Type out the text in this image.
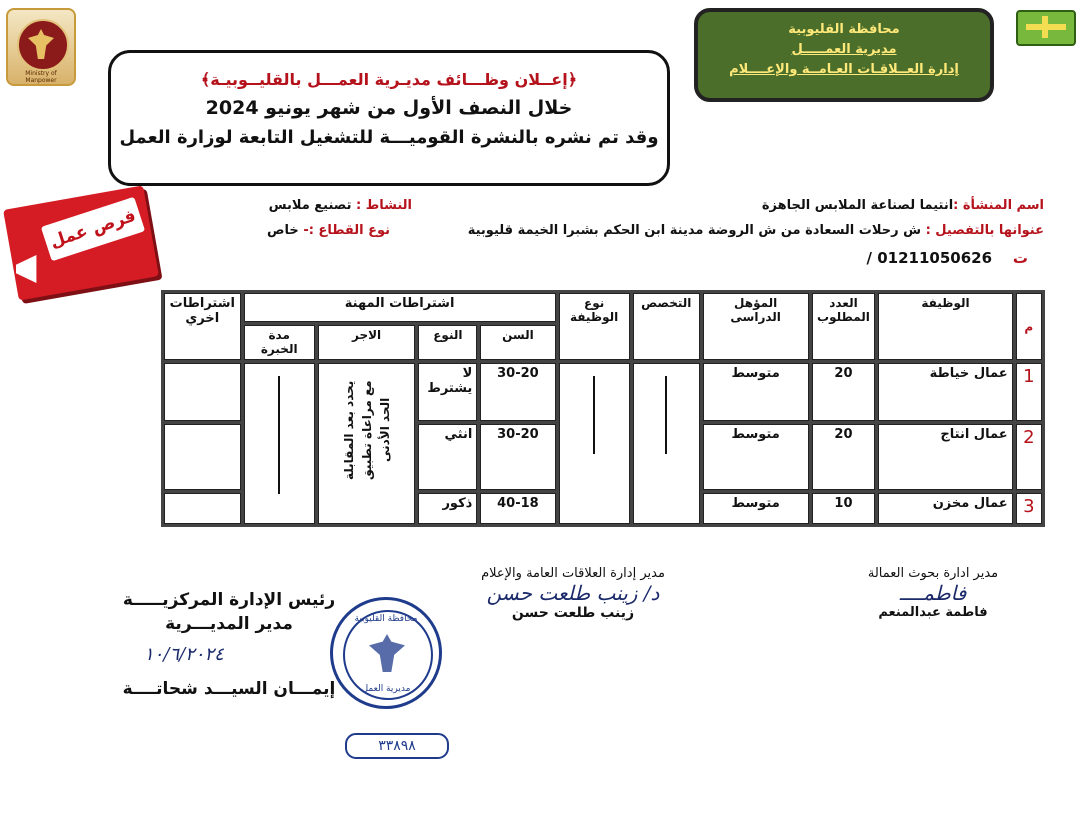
Ministry of Manpower
محافظة القليوبية
مديرية العمـــــل
إدارة العــلاقـات العـامــة والإعــــلام
﴿إعــلان وظـــائف مديـرية العمـــل بالقليــوبيـة﴾
خلال النصف الأول من شهر يونيو 2024
وقد تم نشره بالنشرة القوميـــة للتشغيل التابعة لوزارة العمل
فرص عمل
اسم المنشأة :انتيما لصناعة الملابس الجاهزة
النشاط : تصنيع ملابس
عنوانها بالتفصيل : ش رحلات السعادة من ش الروضة مدينة ابن الحكم بشبرا الخيمة قليوبية
نوع القطاع :- خاص
ت    01211050626 /
م	الوظيفة	العدد المطلوب	المؤهل الدراسى	التخصص	نوع الوظيفة	اشتراطات المهنة				اشتراطات اخري
						السن	النوع	الاجر	مدة الخبرة	
1	عمال خياطة	20	متوسط			30-20	لا يشترط	يحدد بعد المقابلة مع مراعاة تطبيق الحد الأدنى		

2	عمال انتاج	20	متوسط			30-20	انثي			
3	عمال مخزن	10	متوسط			40-18	ذكور			
مدير ادارة بحوث العمالة
فاطمــــ
فاطمة عبدالمنعم
مدير إدارة العلاقات العامة والإعلام
د/ زينب طلعت حسن
زينب طلعت حسن
محافظة القليوبية
مديرية العمل
٣٣٨٩٨
رئيس الإدارة المركزيـــــة
مدير المديـــرية
١٠/٦/٢٠٢٤
إيمـــان السيـــد شحاتــــة
